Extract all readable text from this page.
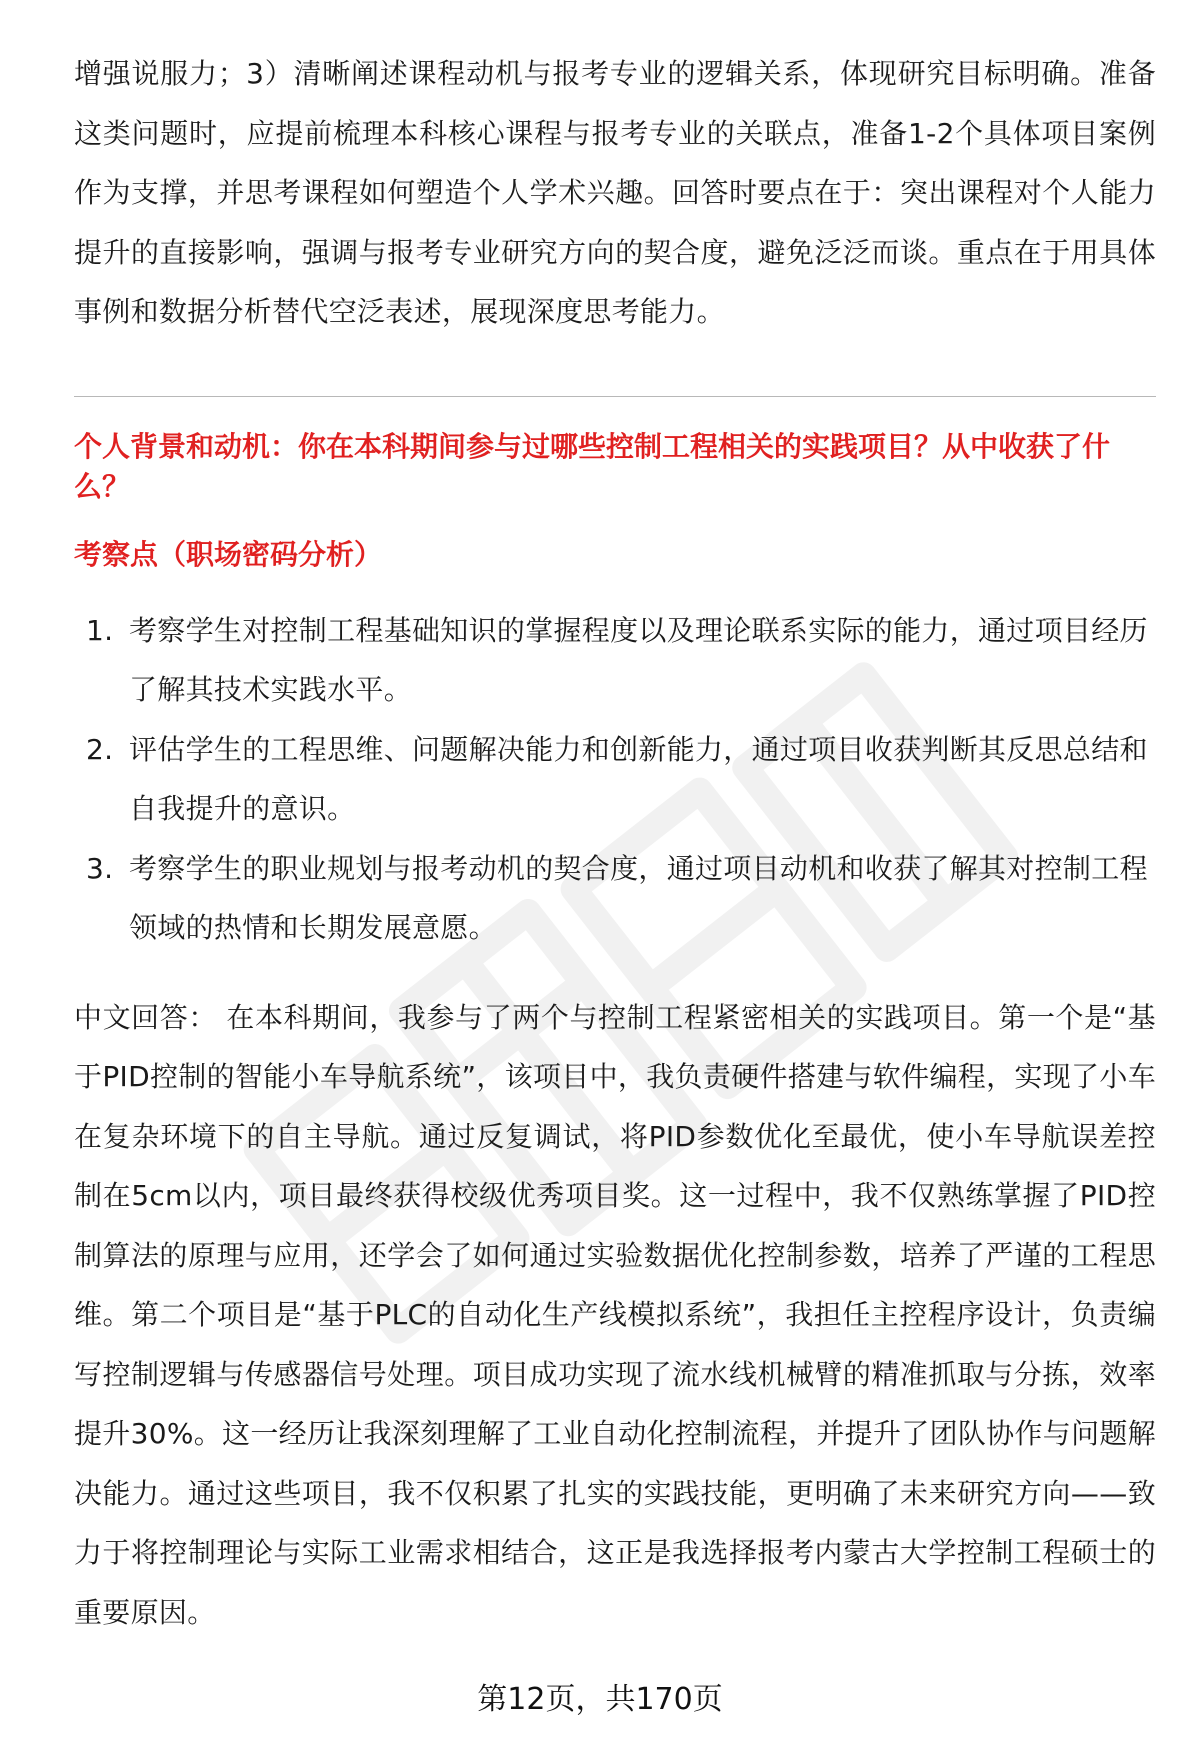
增强说服力；3）清晰阐述课程动机与报考专业的逻辑关系，体现研究目标明确。准备这类问题时，应提前梳理本科核心课程与报考专业的关联点，准备1-2个具体项目案例作为支撑，并思考课程如何塑造个人学术兴趣。回答时要点在于：突出课程对个人能力提升的直接影响，强调与报考专业研究方向的契合度，避免泛泛而谈。重点在于用具体事例和数据分析替代空泛表述，展现深度思考能力。

个人背景和动机：你在本科期间参与过哪些控制工程相关的实践项目？从中收获了什么？

考察点（职场密码分析）

1. 考察学生对控制工程基础知识的掌握程度以及理论联系实际的能力，通过项目经历了解其技术实践水平。
2. 评估学生的工程思维、问题解决能力和创新能力，通过项目收获判断其反思总结和自我提升的意识。
3. 考察学生的职业规划与报考动机的契合度，通过项目动机和收获了解其对控制工程领域的热情和长期发展意愿。

中文回答： 在本科期间，我参与了两个与控制工程紧密相关的实践项目。第一个是“基于PID控制的智能小车导航系统”，该项目中，我负责硬件搭建与软件编程，实现了小车在复杂环境下的自主导航。通过反复调试，将PID参数优化至最优，使小车导航误差控制在5cm以内，项目最终获得校级优秀项目奖。这一过程中，我不仅熟练掌握了PID控制算法的原理与应用，还学会了如何通过实验数据优化控制参数，培养了严谨的工程思维。第二个项目是“基于PLC的自动化生产线模拟系统”，我担任主控程序设计，负责编写控制逻辑与传感器信号处理。项目成功实现了流水线机械臂的精准抓取与分拣，效率提升30%。这一经历让我深刻理解了工业自动化控制流程，并提升了团队协作与问题解决能力。通过这些项目，我不仅积累了扎实的实践技能，更明确了未来研究方向——致力于将控制理论与实际工业需求相结合，这正是我选择报考内蒙古大学控制工程硕士的重要原因。

第12页，共170页
